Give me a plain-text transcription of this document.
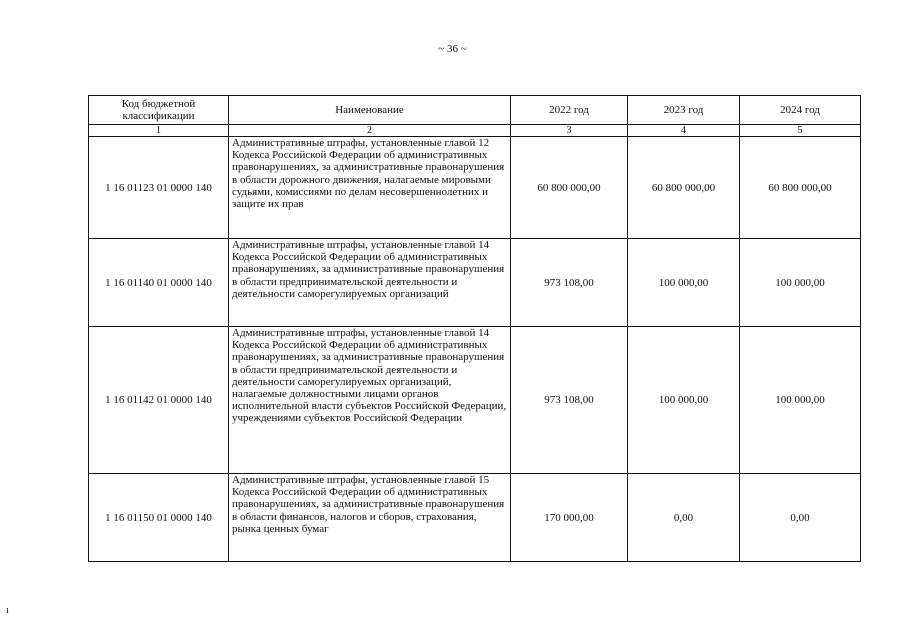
~ 36 ~
Код бюджетной классификации	Наименование	2022 год	2023 год	2024 год
1	2	3	4	5
1 16 01123 01 0000 140	Административные штрафы, установленные главой 12 Кодекса Российской Федерации об административных правонарушениях, за административные правонарушения в области дорожного движения, налагаемые мировыми судьями, комиссиями по делам несовершеннолетних и защите их прав	60 800 000,00	60 800 000,00	60 800 000,00
1 16 01140 01 0000 140	Административные штрафы, установленные главой 14 Кодекса Российской Федерации об административных правонарушениях, за административные правонарушения в области предпринимательской деятельности и деятельности саморегулируемых организаций	973 108,00	100 000,00	100 000,00
1 16 01142 01 0000 140	Административные штрафы, установленные главой 14 Кодекса Российской Федерации об административных правонарушениях, за административные правонарушения в области предпринимательской деятельности и деятельности саморегулируемых организаций, налагаемые должностными лицами органов исполнительной власти субъектов Российской Федерации, учреждениями субъектов Российской Федерации	973 108,00	100 000,00	100 000,00
1 16 01150 01 0000 140	Административные штрафы, установленные главой 15 Кодекса Российской Федерации об административных правонарушениях, за административные правонарушения в области финансов, налогов и сборов, страхования, рынка ценных бумаг	170 000,00	0,00	0,00
ı
